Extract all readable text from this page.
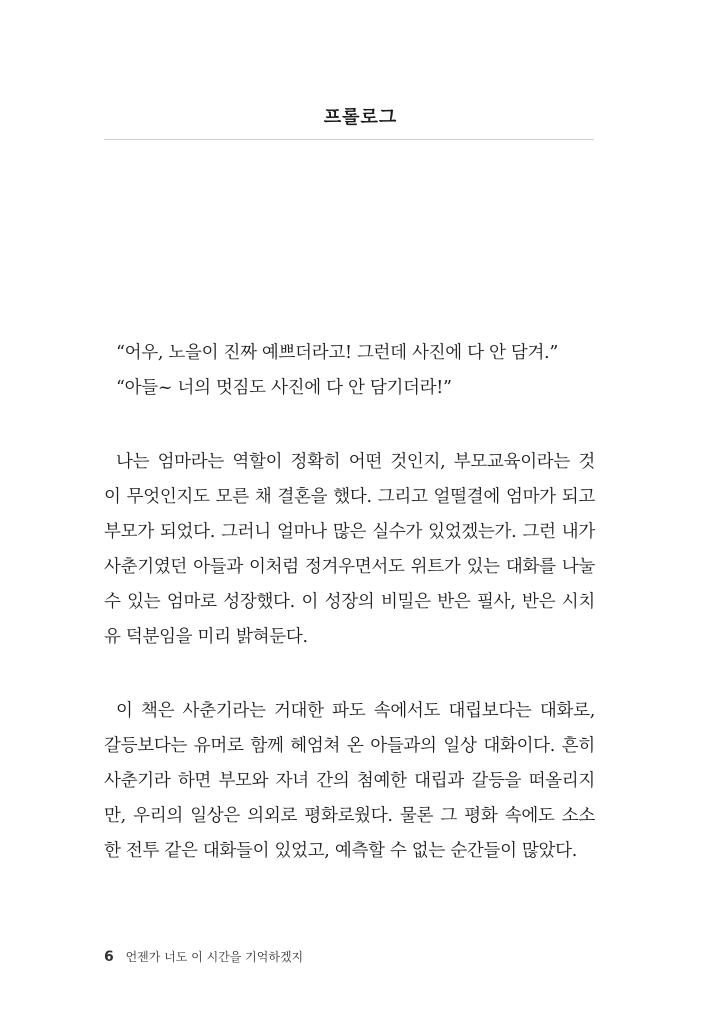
프롤로그
“어우, 노을이 진짜 예쁘더라고! 그런데 사진에 다 안 담겨.”
“아들~ 너의 멋짐도 사진에 다 안 담기더라!”
나는 엄마라는 역할이 정확히 어떤 것인지, 부모교육이라는 것
이 무엇인지도 모른 채 결혼을 했다. 그리고 얼떨결에 엄마가 되고
부모가 되었다. 그러니 얼마나 많은 실수가 있었겠는가. 그런 내가
사춘기였던 아들과 이처럼 정겨우면서도 위트가 있는 대화를 나눌
수 있는 엄마로 성장했다. 이 성장의 비밀은 반은 필사, 반은 시치
유 덕분임을 미리 밝혀둔다.
이 책은 사춘기라는 거대한 파도 속에서도 대립보다는 대화로,
갈등보다는 유머로 함께 헤엄쳐 온 아들과의 일상 대화이다. 흔히
사춘기라 하면 부모와 자녀 간의 첨예한 대립과 갈등을 떠올리지
만, 우리의 일상은 의외로 평화로웠다. 물론 그 평화 속에도 소소
한 전투 같은 대화들이 있었고, 예측할 수 없는 순간들이 많았다.
6 언젠가 너도 이 시간을 기억하겠지
